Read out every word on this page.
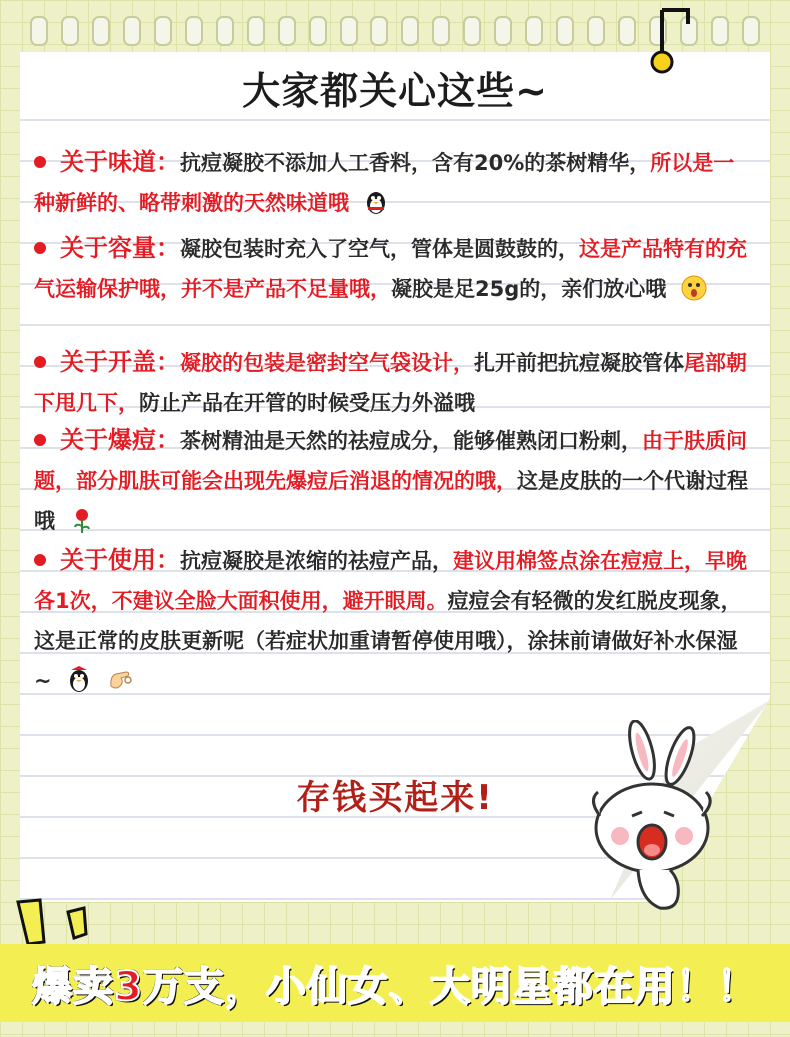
大家都关心这些~
关于味道：抗痘凝胶不添加人工香料，含有20%的茶树精华，所以是一种新鲜的、略带刺激的天然味道哦
关于容量：凝胶包装时充入了空气，管体是圆鼓鼓的，这是产品特有的充气运输保护哦，并不是产品不足量哦，凝胶是足25g的，亲们放心哦
关于开盖：凝胶的包装是密封空气袋设计，扎开前把抗痘凝胶管体尾部朝下甩几下，防止产品在开管的时候受压力外溢哦
关于爆痘：茶树精油是天然的祛痘成分，能够催熟闭口粉刺，由于肤质问题，部分肌肤可能会出现先爆痘后消退的情况的哦，这是皮肤的一个代谢过程哦
关于使用：抗痘凝胶是浓缩的祛痘产品，建议用棉签点涂在痘痘上，早晚各1次，不建议全脸大面积使用，避开眼周。痘痘会有轻微的发红脱皮现象，这是正常的皮肤更新呢（若症状加重请暂停使用哦），涂抹前请做好补水保湿~
存钱买起来!
爆卖3万支，小仙女、大明星都在用！！
